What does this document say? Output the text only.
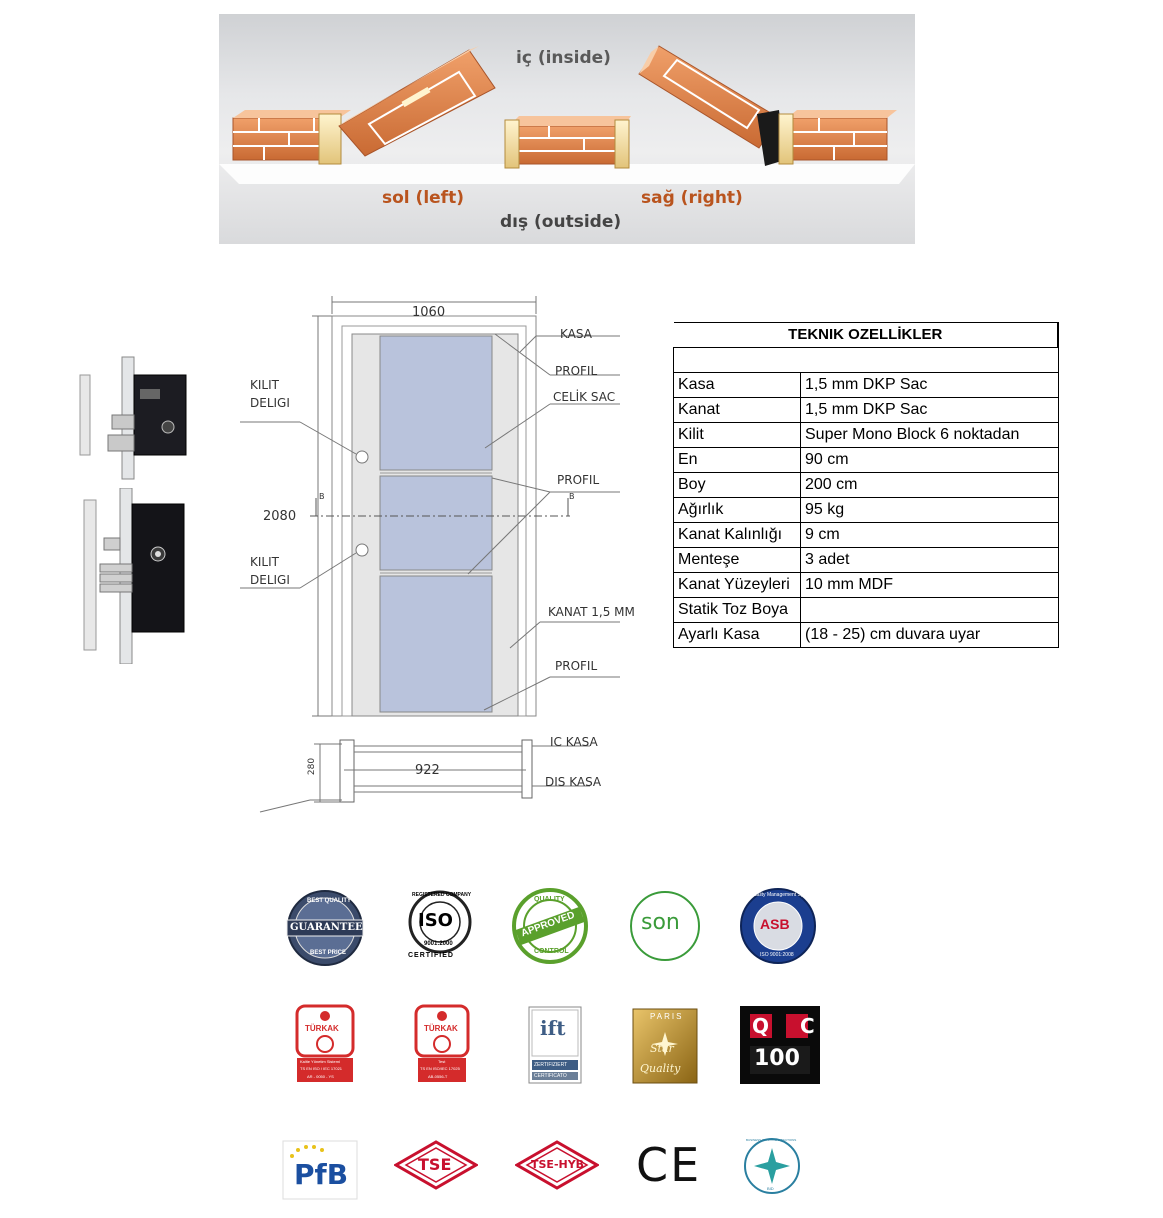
iç (inside)
sol (left)	sağ (right)
dış (outside)
1060
2080
922
280
B	B
KASA
PROFIL
CELİK SAC
PROFIL
KANAT 1,5 MM
PROFIL
KILIT
DELIGI
KILIT
DELIGI
IC KASA
DIS KASA
TEKNIK OZELLİKLER	

Kasa	1,5 mm DKP Sac
Kanat	1,5 mm DKP Sac
Kilit	Super Mono Block 6 noktadan
En	90 cm
Boy	200 cm
Ağırlık	95 kg
Kanat Kalınlığı	9 cm
Menteşe	3 adet
Kanat Yüzeyleri	10 mm MDF
Statik Toz Boya	
Ayarlı Kasa	(18 - 25) cm duvara uyar
BEST QUALITY
GUARANTEE
BEST PRICE
REGISTERED COMPANY
ISO
9001:2000
CERTIFIED
QUALITY
APPROVED
CONTROL
son
Quality Management System
ASB
ISO 9001:2008
TÜRKAK
Kalite Yönetim Sistemi
TS EN ISO / IEC 17021
AR - 0050 - YS
TÜRKAK
Test
TS EN ISO/IEC 17025
AB-0556-T
ift
ZERTIFIZIERT
CERTIFICATO
PARIS
Star
Quality
Q C
100
PfB	TSE	TSE-HYB CE	BUSINESS INITIATIVE DIRECTIONS
BID
